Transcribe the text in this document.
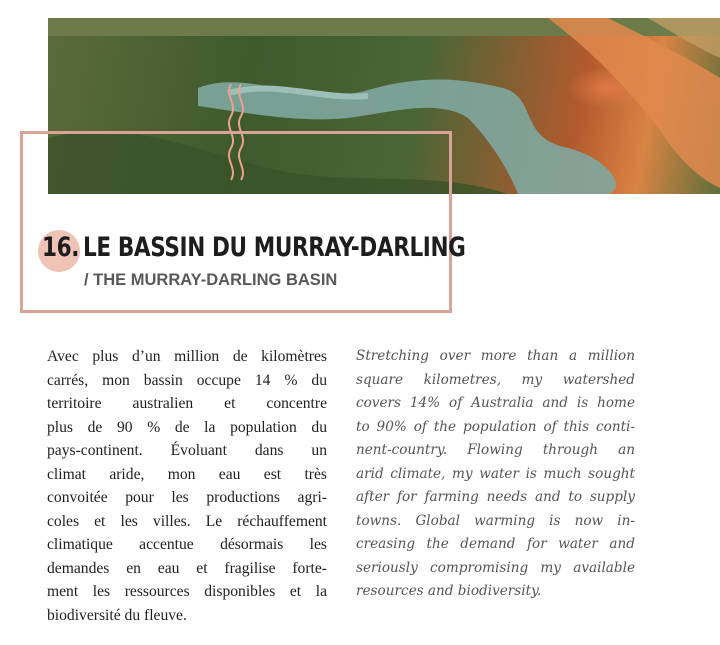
16.  LE BASSIN DU MURRAY-DARLING
/ THE MURRAY-DARLING BASIN
Avec plus d’un million de kilomètres
carrés, mon bassin occupe 14 % du
territoire australien et concentre
plus de 90 % de la population du
pays-continent. Évoluant dans un
climat aride, mon eau est très
convoitée pour les productions agri-
coles et les villes. Le réchauffement
climatique accentue désormais les
demandes en eau et fragilise forte-
ment les ressources disponibles et la
biodiversité du fleuve.
Stretching over more than a million
square kilometres, my watershed
covers 14% of Australia and is home
to 90% of the population of this conti-
nent-country. Flowing through an
arid climate, my water is much sought
after for farming needs and to supply
towns. Global warming is now in-
creasing the demand for water and
seriously compromising my available
resources and biodiversity.
